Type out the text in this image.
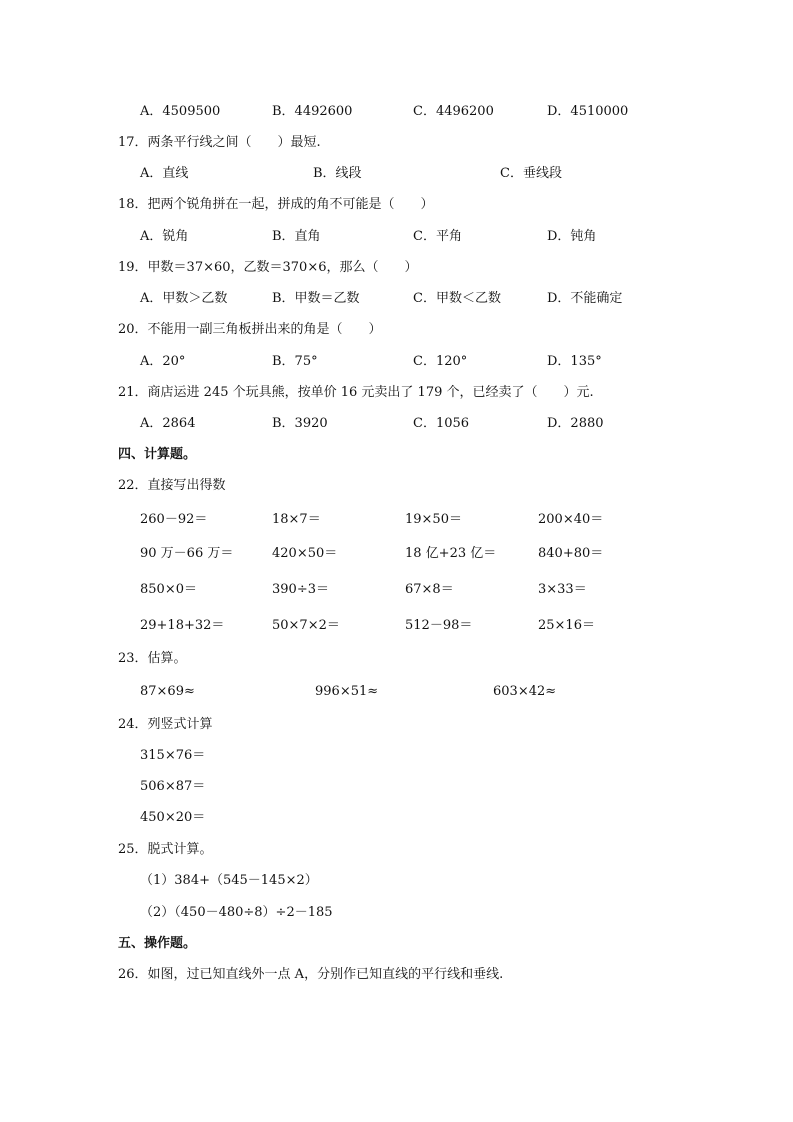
A．4509500	B．4492600	C．4496200	D．4510000
17．两条平行线之间（　　）最短.
A．直线	B．线段	C．垂线段
18．把两个锐角拼在一起，拼成的角不可能是（　　）
A．锐角	B．直角	C．平角	D．钝角
19．甲数＝37×60，乙数＝370×6，那么（　　）
A．甲数＞乙数	B．甲数＝乙数	C．甲数＜乙数	D．不能确定
20．不能用一副三角板拼出来的角是（　　）
A．20°	B．75°	C．120°	D．135°
21．商店运进 245 个玩具熊，按单价 16 元卖出了 179 个，已经卖了（　　）元.
A．2864	B．3920	C．1056	D．2880
四、计算题。
22．直接写出得数
260－92＝	18×7＝	19×50＝	200×40＝
90 万－66 万＝	420×50＝	18 亿+23 亿＝	840+80＝
850×0＝	390÷3＝	67×8＝	3×33＝
29+18+32＝	50×7×2＝	512－98＝	25×16＝
23．估算。
87×69≈	996×51≈	603×42≈
24．列竖式计算
315×76＝
506×87＝
450×20＝
25．脱式计算。
（1）384+（545－145×2）
（2）（450－480÷8）÷2－185
五、操作题。
26．如图，过已知直线外一点 A，分别作已知直线的平行线和垂线.
